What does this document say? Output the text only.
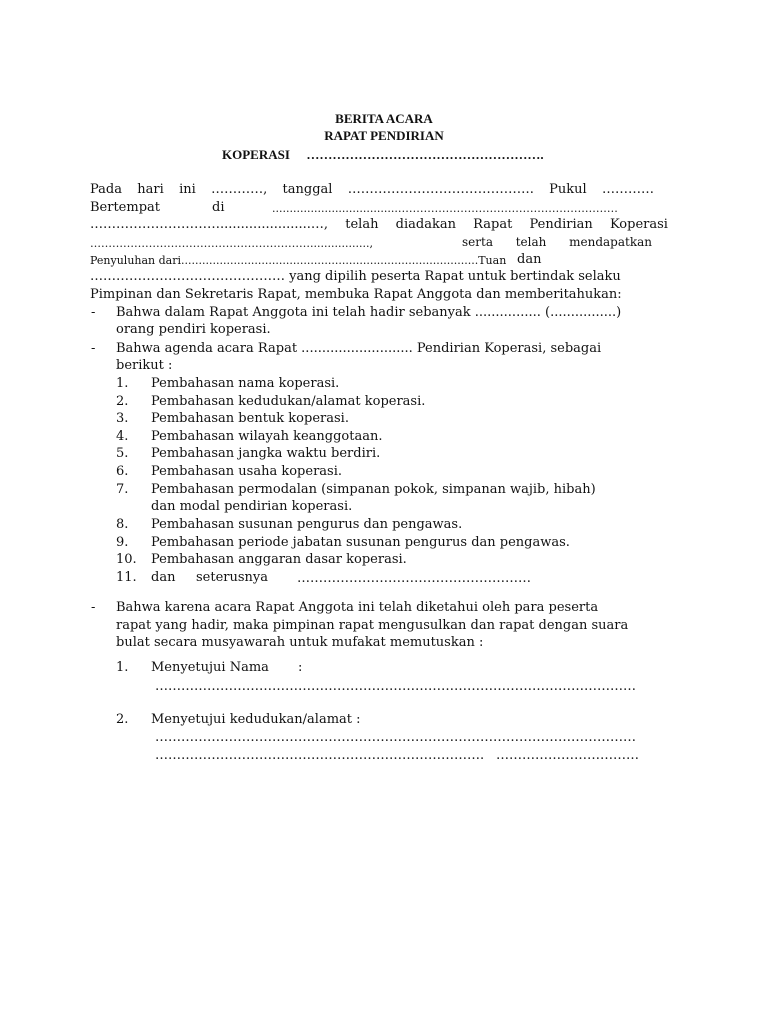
BERITA ACARA
RAPAT PENDIRIAN
KOPERASI ……………………………………………….
Pada hari ini …………, tanggal ……………………………………. Pukul …………
Bertempat	di	....................................……………………………………………………
…………………………......................…, telah diadakan Rapat Pendirian Koperasi
…………………………………………………….................,	serta telah mendapatkan
Penyuluhan dari.....................................................................................Tuan dan
……………………………………… yang dipilih peserta Rapat untuk bertindak selaku
Pimpinan dan Sekretaris Rapat, membuka Rapat Anggota dan memberitahukan:
- Bahwa dalam Rapat Anggota ini telah hadir sebanyak ................ (................)
orang pendiri koperasi.
- Bahwa agenda acara Rapat ........................... Pendirian Koperasi, sebagai
berikut :
1. Pembahasan nama koperasi.
2. Pembahasan kedudukan/alamat koperasi.
3. Pembahasan bentuk koperasi.
4. Pembahasan wilayah keanggotaan.
5. Pembahasan jangka waktu berdiri.
6. Pembahasan usaha koperasi.
7. Pembahasan permodalan (simpanan pokok, simpanan wajib, hibah)
dan modal pendirian koperasi.
8. Pembahasan susunan pengurus dan pengawas.
9. Pembahasan periode jabatan susunan pengurus dan pengawas.
10. Pembahasan anggaran dasar koperasi.
11. dan seterusnya ………………………………………………
- Bahwa karena acara Rapat Anggota ini telah diketahui oleh para peserta
rapat yang hadir, maka pimpinan rapat mengusulkan dan rapat dengan suara
bulat secara musyawarah untuk mufakat memutuskan :
1. Menyetujui Nama :
…………………………………………………………………………………………………
2. Menyetujui kedudukan/alamat :
…………………………………………………………………………………………………
…………………………………………………………………. ……………………………
